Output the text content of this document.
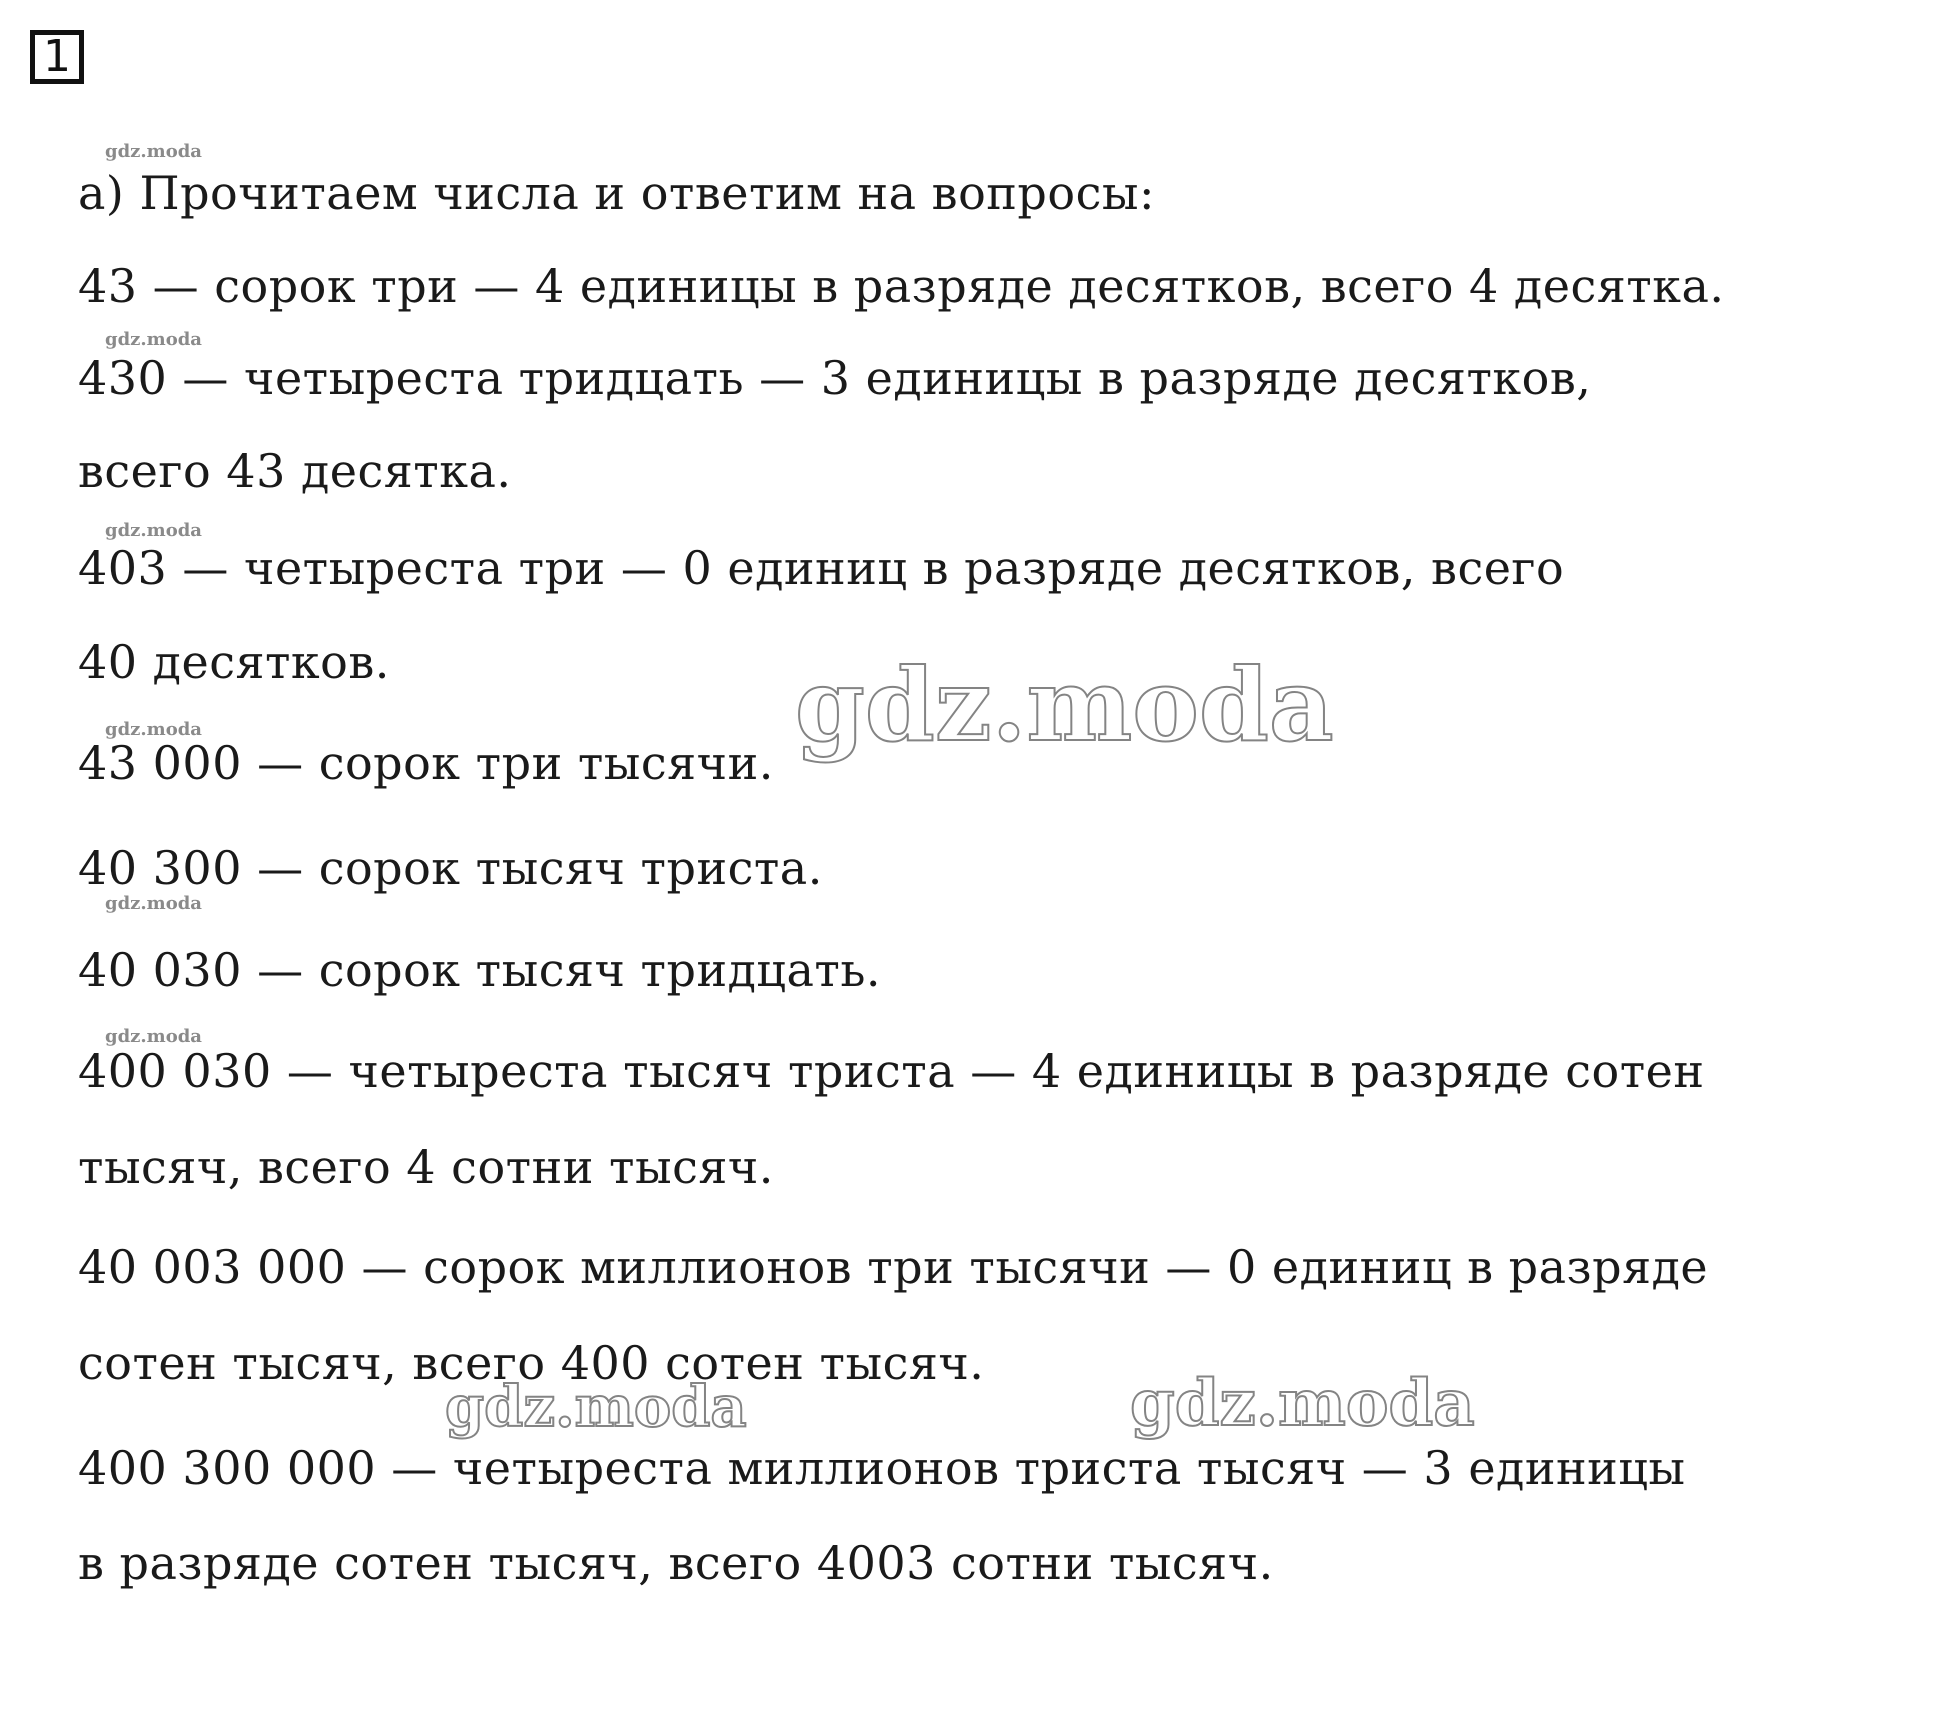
1
gdz.moda
gdz.moda
gdz.moda
gdz.moda
gdz.moda
gdz.moda
а) Прочитаем числа и ответим на вопросы:
43 — сорок три — 4 единицы в разряде десятков, всего 4 десятка.
430 — четыреста тридцать — 3 единицы в разряде десятков,
всего 43 десятка.
403 — четыреста три — 0 единиц в разряде десятков, всего
40 десятков.
43 000 — сорок три тысячи.
40 300 — сорок тысяч триста.
40 030 — сорок тысяч тридцать.
400 030 — четыреста тысяч триста — 4 единицы в разряде сотен
тысяч, всего 4 сотни тысяч.
40 003 000 — сорок миллионов три тысячи — 0 единиц в разряде
сотен тысяч, всего 400 сотен тысяч.
400 300 000 — четыреста миллионов триста тысяч — 3 единицы
в разряде сотен тысяч, всего 4003 сотни тысяч.
gdz.moda
gdz.moda	gdz.moda
